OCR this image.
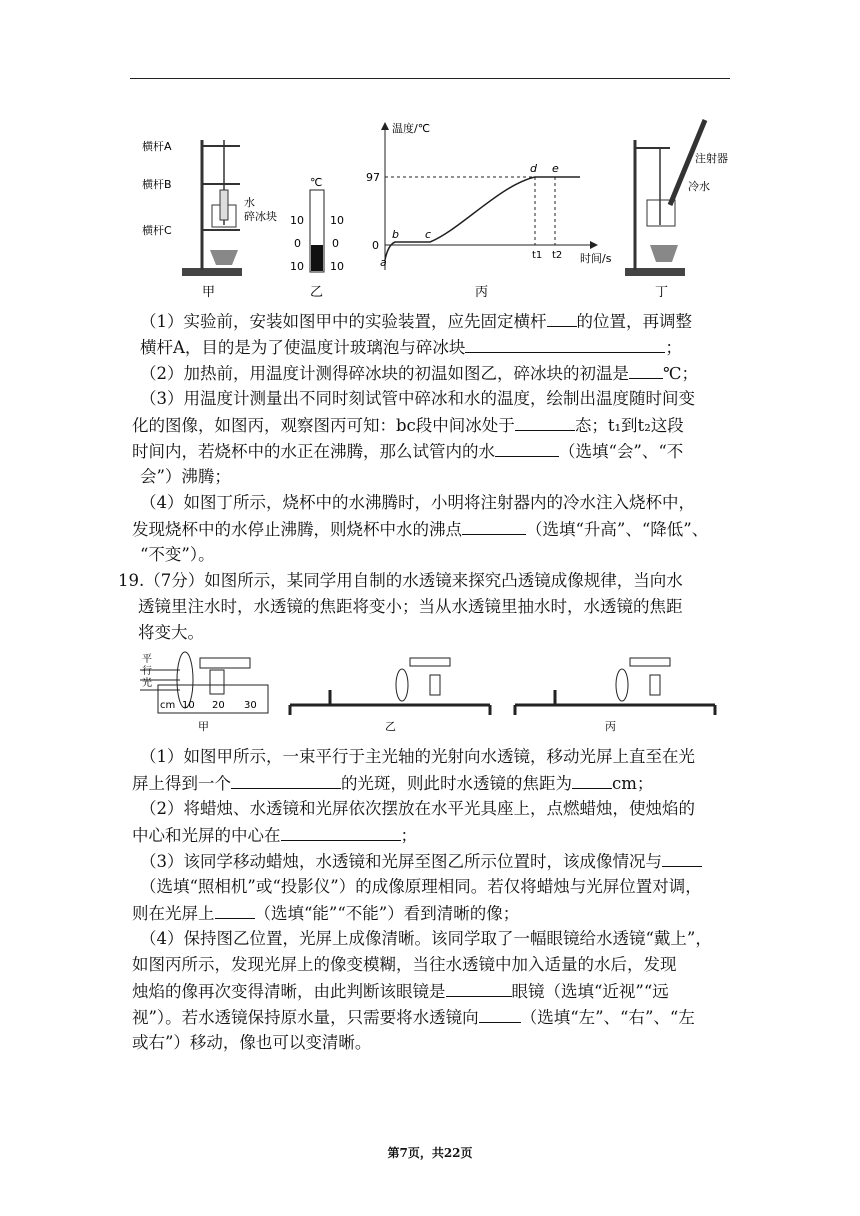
横杆A
横杆B
横杆C
水
碎冰块
甲
℃
10 10
0	0
10 10
乙
温度/℃
时间/s
97
0
a
b c
d e
t1 t2
丙
注射器
冷水
丁

（1）实验前，安装如图甲中的实验装置，应先固定横杆 的位置，再调整

横杆A，目的是为了使温度计玻璃泡与碎冰块	；

（2）加热前，用温度计测得碎冰块的初温如图乙，碎冰块的初温是 ℃；

（3）用温度计测量出不同时刻试管中碎冰和水的温度，绘制出温度随时间变

化的图像，如图丙，观察图丙可知：bc段中间冰处于	态；t₁到t₂这段

时间内，若烧杯中的水正在沸腾，那么试管内的水	（选填“会”、“不

会”）沸腾；

（4）如图丁所示，烧杯中的水沸腾时，小明将注射器内的冷水注入烧杯中，

发现烧杯中的水停止沸腾，则烧杯中水的沸点	（选填“升高”、“降低”、

“不变”）。

19.（7分）如图所示，某同学用自制的水透镜来探究凸透镜成像规律，当向水

透镜里注水时，水透镜的焦距将变小；当从水透镜里抽水时，水透镜的焦距

将变大。

平
行
光
cm 10 20 30
甲	乙	丙

（1）如图甲所示，一束平行于主光轴的光射向水透镜，移动光屏上直至在光

屏上得到一个	的光斑，则此时水透镜的焦距为 cm；

（2）将蜡烛、水透镜和光屏依次摆放在水平光具座上，点燃蜡烛，使烛焰的

中心和光屏的中心在	；

（3）该同学移动蜡烛，水透镜和光屏至图乙所示位置时，该成像情况与

（选填“照相机”或“投影仪”）的成像原理相同。若仅将蜡烛与光屏位置对调，

则在光屏上 （选填“能”“不能”）看到清晰的像；

（4）保持图乙位置，光屏上成像清晰。该同学取了一幅眼镜给水透镜“戴上”，

如图丙所示，发现光屏上的像变模糊，当往水透镜中加入适量的水后，发现

烛焰的像再次变得清晰，由此判断该眼镜是	眼镜（选填“近视”“远

视”）。若水透镜保持原水量，只需要将水透镜向	（选填“左”、“右”、“左

或右”）移动，像也可以变清晰。

第7页，共22页
